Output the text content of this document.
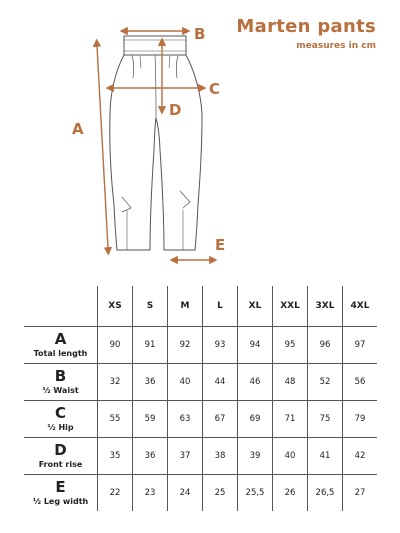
Marten pants
measures in cm
A
B
C
D
E
	XS	S	M	L	XL	XXL	3XL	4XL

A
Total length	90	91	92	93	94	95	96	97

B
½ Waist	32	36	40	44	46	48	52	56

C
½ Hip	55	59	63	67	69	71	75	79

D
Front rise	35	36	37	38	39	40	41	42

E
½ Leg width	22	23	24	25	25,5	26	26,5	27
